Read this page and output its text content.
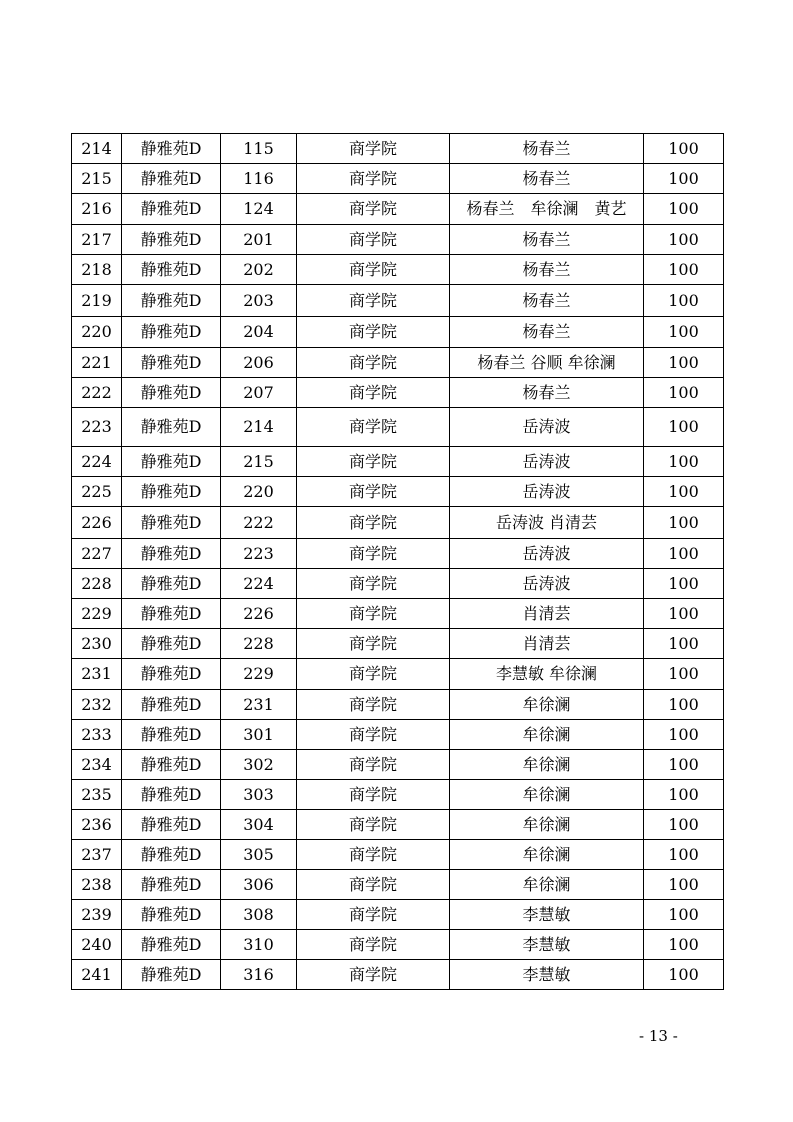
214	静雅苑D	115	商学院	杨春兰	100
215	静雅苑D	116	商学院	杨春兰	100
216	静雅苑D	124	商学院	杨春兰　牟徐澜　黄艺	100
217	静雅苑D	201	商学院	杨春兰	100
218	静雅苑D	202	商学院	杨春兰	100
219	静雅苑D	203	商学院	杨春兰	100
220	静雅苑D	204	商学院	杨春兰	100
221	静雅苑D	206	商学院	杨春兰 谷顺 牟徐澜	100
222	静雅苑D	207	商学院	杨春兰	100
223	静雅苑D	214	商学院	岳涛波	100
224	静雅苑D	215	商学院	岳涛波	100
225	静雅苑D	220	商学院	岳涛波	100
226	静雅苑D	222	商学院	岳涛波 肖清芸	100
227	静雅苑D	223	商学院	岳涛波	100
228	静雅苑D	224	商学院	岳涛波	100
229	静雅苑D	226	商学院	肖清芸	100
230	静雅苑D	228	商学院	肖清芸	100
231	静雅苑D	229	商学院	李慧敏 牟徐澜	100
232	静雅苑D	231	商学院	牟徐澜	100
233	静雅苑D	301	商学院	牟徐澜	100
234	静雅苑D	302	商学院	牟徐澜	100
235	静雅苑D	303	商学院	牟徐澜	100
236	静雅苑D	304	商学院	牟徐澜	100
237	静雅苑D	305	商学院	牟徐澜	100
238	静雅苑D	306	商学院	牟徐澜	100
239	静雅苑D	308	商学院	李慧敏	100
240	静雅苑D	310	商学院	李慧敏	100
241	静雅苑D	316	商学院	李慧敏	100
- 13 -
